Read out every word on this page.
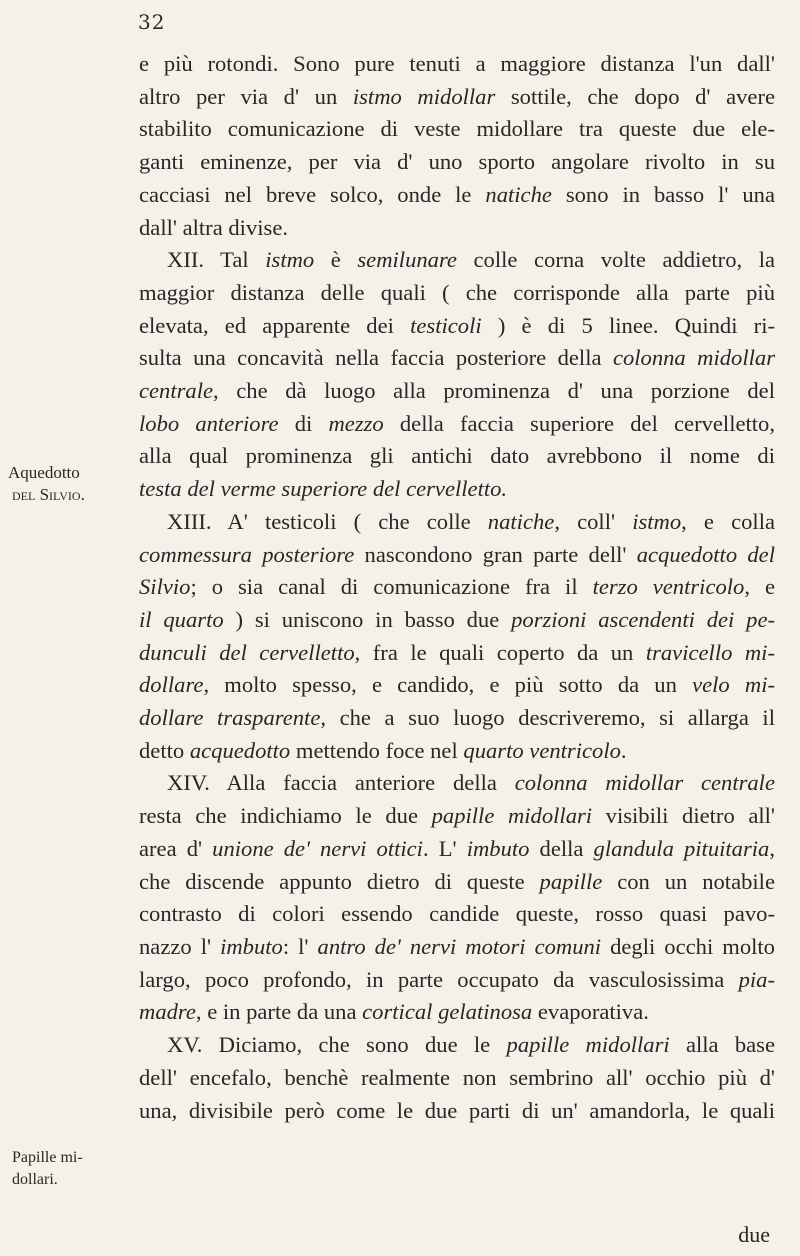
32
Aquedotto
del Silvio.
Papille mi-
dollari.
e più rotondi. Sono pure tenuti a maggiore distanza l'un dall'
altro per via d' un istmo midollar sottile, che dopo d' avere
stabilito comunicazione di veste midollare tra queste due ele-
ganti eminenze, per via d' uno sporto angolare rivolto in su
cacciasi nel breve solco, onde le natiche sono in basso l' una
dall' altra divise.
XII. Tal istmo è semilunare colle corna volte addietro, la
maggior distanza delle quali ( che corrisponde alla parte più
elevata, ed apparente dei testicoli ) è di 5 linee. Quindi ri-
sulta una concavità nella faccia posteriore della colonna midollar
centrale, che dà luogo alla prominenza d' una porzione del
lobo anteriore di mezzo della faccia superiore del cervelletto,
alla qual prominenza gli antichi dato avrebbono il nome di
testa del verme superiore del cervelletto.
XIII. A' testicoli ( che colle natiche, coll' istmo, e colla
commessura posteriore nascondono gran parte dell' acquedotto del
Silvio; o sia canal di comunicazione fra il terzo ventricolo, e
il quarto ) si uniscono in basso due porzioni ascendenti dei pe-
dunculi del cervelletto, fra le quali coperto da un travicello mi-
dollare, molto spesso, e candido, e più sotto da un velo mi-
dollare trasparente, che a suo luogo descriveremo, si allarga il
detto acquedotto mettendo foce nel quarto ventricolo.
XIV. Alla faccia anteriore della colonna midollar centrale
resta che indichiamo le due papille midollari visibili dietro all'
area d' unione de' nervi ottici. L' imbuto della glandula pituitaria,
che discende appunto dietro di queste papille con un notabile
contrasto di colori essendo candide queste, rosso quasi pavo-
nazzo l' imbuto: l' antro de' nervi motori comuni degli occhi molto
largo, poco profondo, in parte occupato da vasculosissima pia-
madre, e in parte da una cortical gelatinosa evaporativa.
XV. Diciamo, che sono due le papille midollari alla base
dell' encefalo, benchè realmente non sembrino all' occhio più d'
una, divisibile però come le due parti di un' amandorla, le quali
due
